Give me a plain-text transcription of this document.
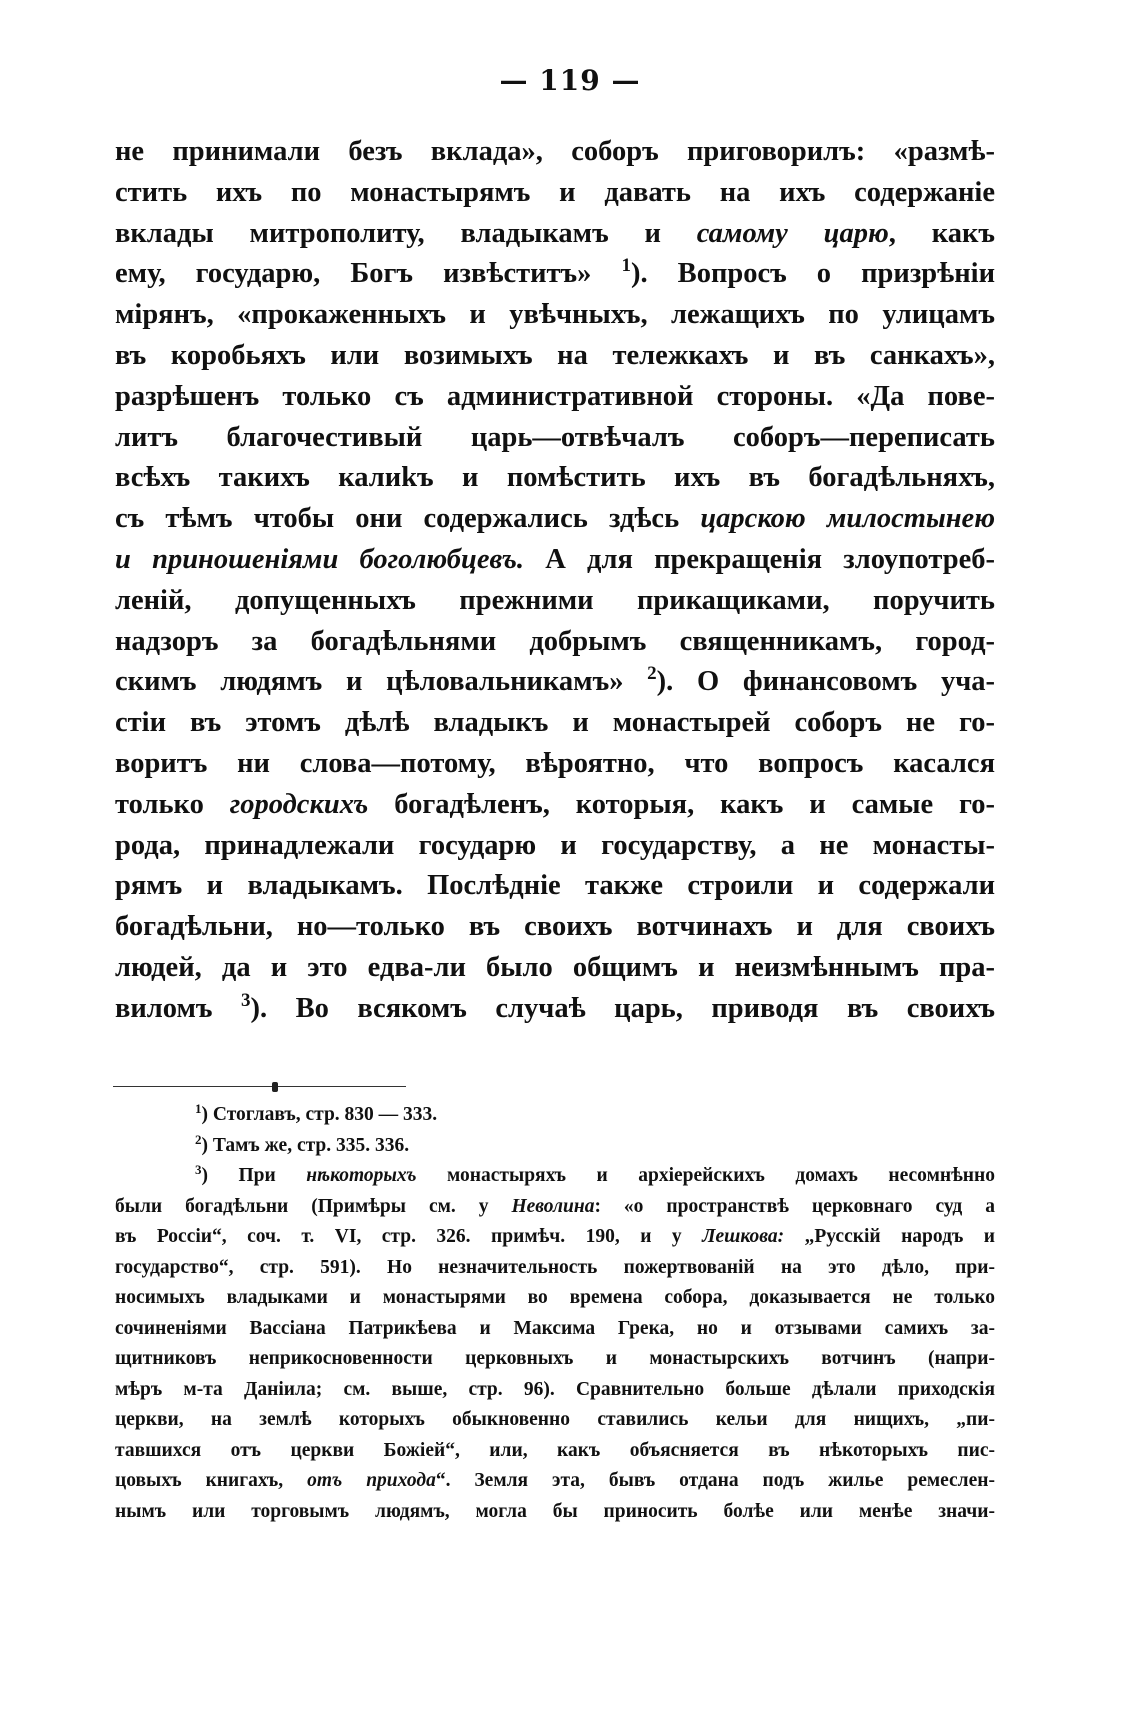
— 119 —
не принимали безъ вклада», соборъ приговорилъ: «размѣ-
стить ихъ по монастырямъ и давать на ихъ содержаніе
вклады митрополиту, владыкамъ и самому царю, какъ
ему, государю, Богъ извѣститъ» $^1$). Вопросъ о призрѣніи
мірянъ, «прокаженныхъ и увѣчныхъ, лежащихъ по улицамъ
въ коробьяхъ или возимыхъ на тележкахъ и въ санкахъ»,
разрѣшенъ только съ административной стороны. «Да пове-
литъ благочестивый царь—отвѣчалъ соборъ—переписать
всѣхъ такихъ калиkъ и помѣстить ихъ въ богадѣльняхъ,
съ тѣмъ чтобы они содержались здѣсь царскою милостынею
и приношеніями боголюбцевъ. А для прекращенія злоупотреб-
леній, допущенныхъ прежними прикащиками, поручить
надзоръ за богадѣльнями добрымъ священникамъ, город-
скимъ людямъ и цѣловальникамъ» $^2$). О финансовомъ уча-
стіи въ этомъ дѣлѣ владыкъ и монастырей соборъ не го-
воритъ ни слова—потому, вѣроятно, что вопросъ касался
только городскихъ богадѣленъ, которыя, какъ и самые го-
рода, принадлежали государю и государству, а не монасты-
рямъ и владыкамъ. Послѣдніе также строили и содержали
богадѣльни, но—только въ своихъ вотчинахъ и для своихъ
людей, да и это едва-ли было общимъ и неизмѣннымъ пра-
виломъ $^3$). Во всякомъ случаѣ царь, приводя въ своихъ
$^1$) Стоглавъ, стр. 830 — 333.
$^2$) Тамъ же, стр. 335. 336.
$^3$) При нѣкоторыхъ монастыряхъ и архіерейскихъ домахъ несомнѣнно
были богадѣльни (Примѣры см. у Неволина: «о пространствѣ церковнаго суд а
въ Россіи“, соч. т. VI, стр. 326. примѣч. 190, и у Лешкова: „Русскій народъ и
государство“, стр. 591). Но незначительность пожертвованій на это дѣло, при-
носимыхъ владыками и монастырями во времена собора, доказывается не только
сочиненіями Вассіана Патрикѣева и Максима Грека, но и отзывами самихъ за-
щитниковъ неприкосновенности церковныхъ и монастырскихъ вотчинъ (напри-
мѣръ м-та Даніила; см. выше, стр. 96). Сравнительно больше дѣлали приходскія
церкви, на землѣ которыхъ обыкновенно ставились кельи для нищихъ, „пи-
тавшихся отъ церкви Божіей“, или, какъ объясняется въ нѣкоторыхъ пис-
цовыхъ книгахъ, отъ прихода“. Земля эта, бывъ отдана подъ жилье ремеслен-
нымъ или торговымъ людямъ, могла бы приносить болѣе или менѣе значи-
